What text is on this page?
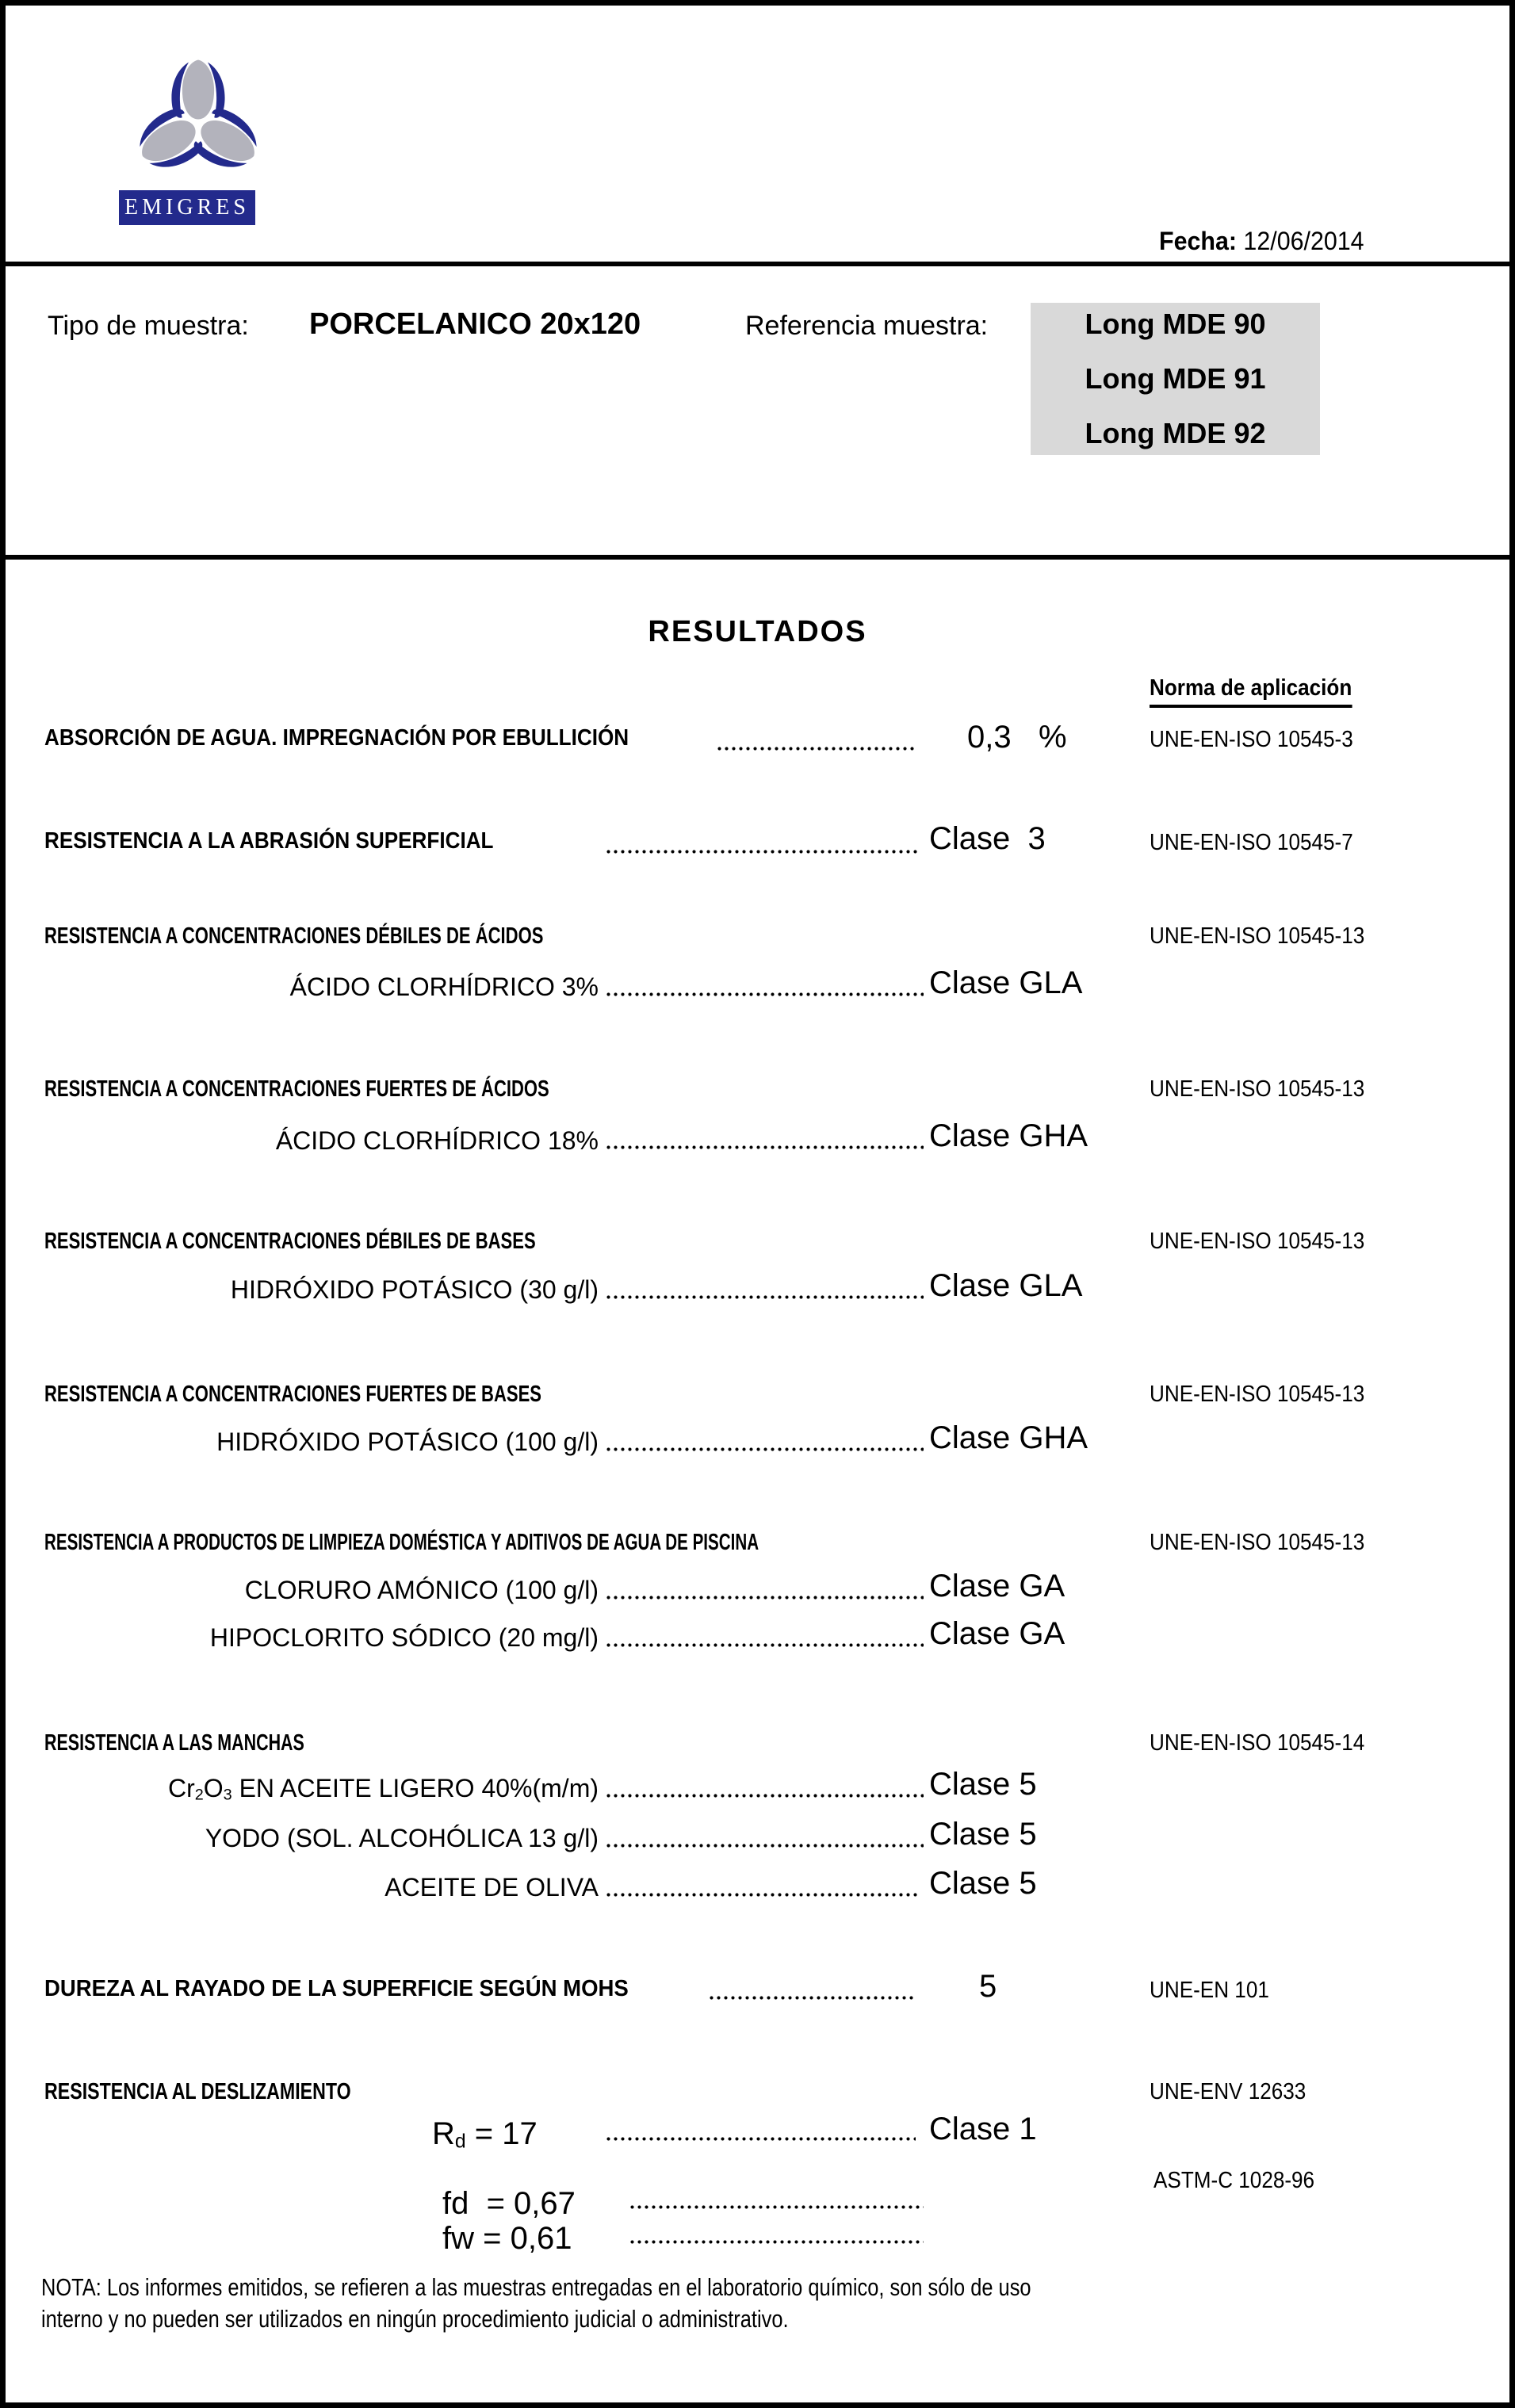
EMIGRES
Fecha: 12/06/2014
Tipo de muestra: PORCELANICO 20x120	Referencia muestra:	Long MDE 90
Long MDE 91
Long MDE 92
RESULTADOS
Norma de aplicación
ABSORCIÓN DE AGUA. IMPREGNACIÓN POR EBULLICIÓN	0,3 %	UNE-EN-ISO 10545-3
RESISTENCIA A LA ABRASIÓN SUPERFICIAL	Clase  3	UNE-EN-ISO 10545-7
RESISTENCIA A CONCENTRACIONES DÉBILES DE ÁCIDOS	UNE-EN-ISO 10545-13
ÁCIDO CLORHÍDRICO 3%	Clase GLA
RESISTENCIA A CONCENTRACIONES FUERTES DE ÁCIDOS	UNE-EN-ISO 10545-13
ÁCIDO CLORHÍDRICO 18%	Clase GHA
RESISTENCIA A CONCENTRACIONES DÉBILES DE BASES	UNE-EN-ISO 10545-13
HIDRÓXIDO POTÁSICO (30 g/l)	Clase GLA
RESISTENCIA A CONCENTRACIONES FUERTES DE BASES	UNE-EN-ISO 10545-13
HIDRÓXIDO POTÁSICO (100 g/l)	Clase GHA
RESISTENCIA A PRODUCTOS DE LIMPIEZA DOMÉSTICA Y ADITIVOS DE AGUA DE PISCINA	UNE-EN-ISO 10545-13
CLORURO AMÓNICO (100 g/l)	Clase GA
HIPOCLORITO SÓDICO (20 mg/l)	Clase GA
RESISTENCIA A LAS MANCHAS	UNE-EN-ISO 10545-14
Cr2O3 EN ACEITE LIGERO 40%(m/m)	Clase 5
YODO (SOL. ALCOHÓLICA 13 g/l)	Clase 5
ACEITE DE OLIVA	Clase 5
DUREZA AL RAYADO DE LA SUPERFICIE SEGÚN MOHS	5	UNE-EN 101
RESISTENCIA AL DESLIZAMIENTO	UNE-ENV 12633
Rd = 17	Clase 1
ASTM-C 1028-96
fd  = 0,67
fw = 0,61
NOTA: Los informes emitidos, se refieren a las muestras entregadas en el laboratorio químico, son sólo de uso
interno y no pueden ser utilizados en ningún procedimiento judicial o administrativo.
